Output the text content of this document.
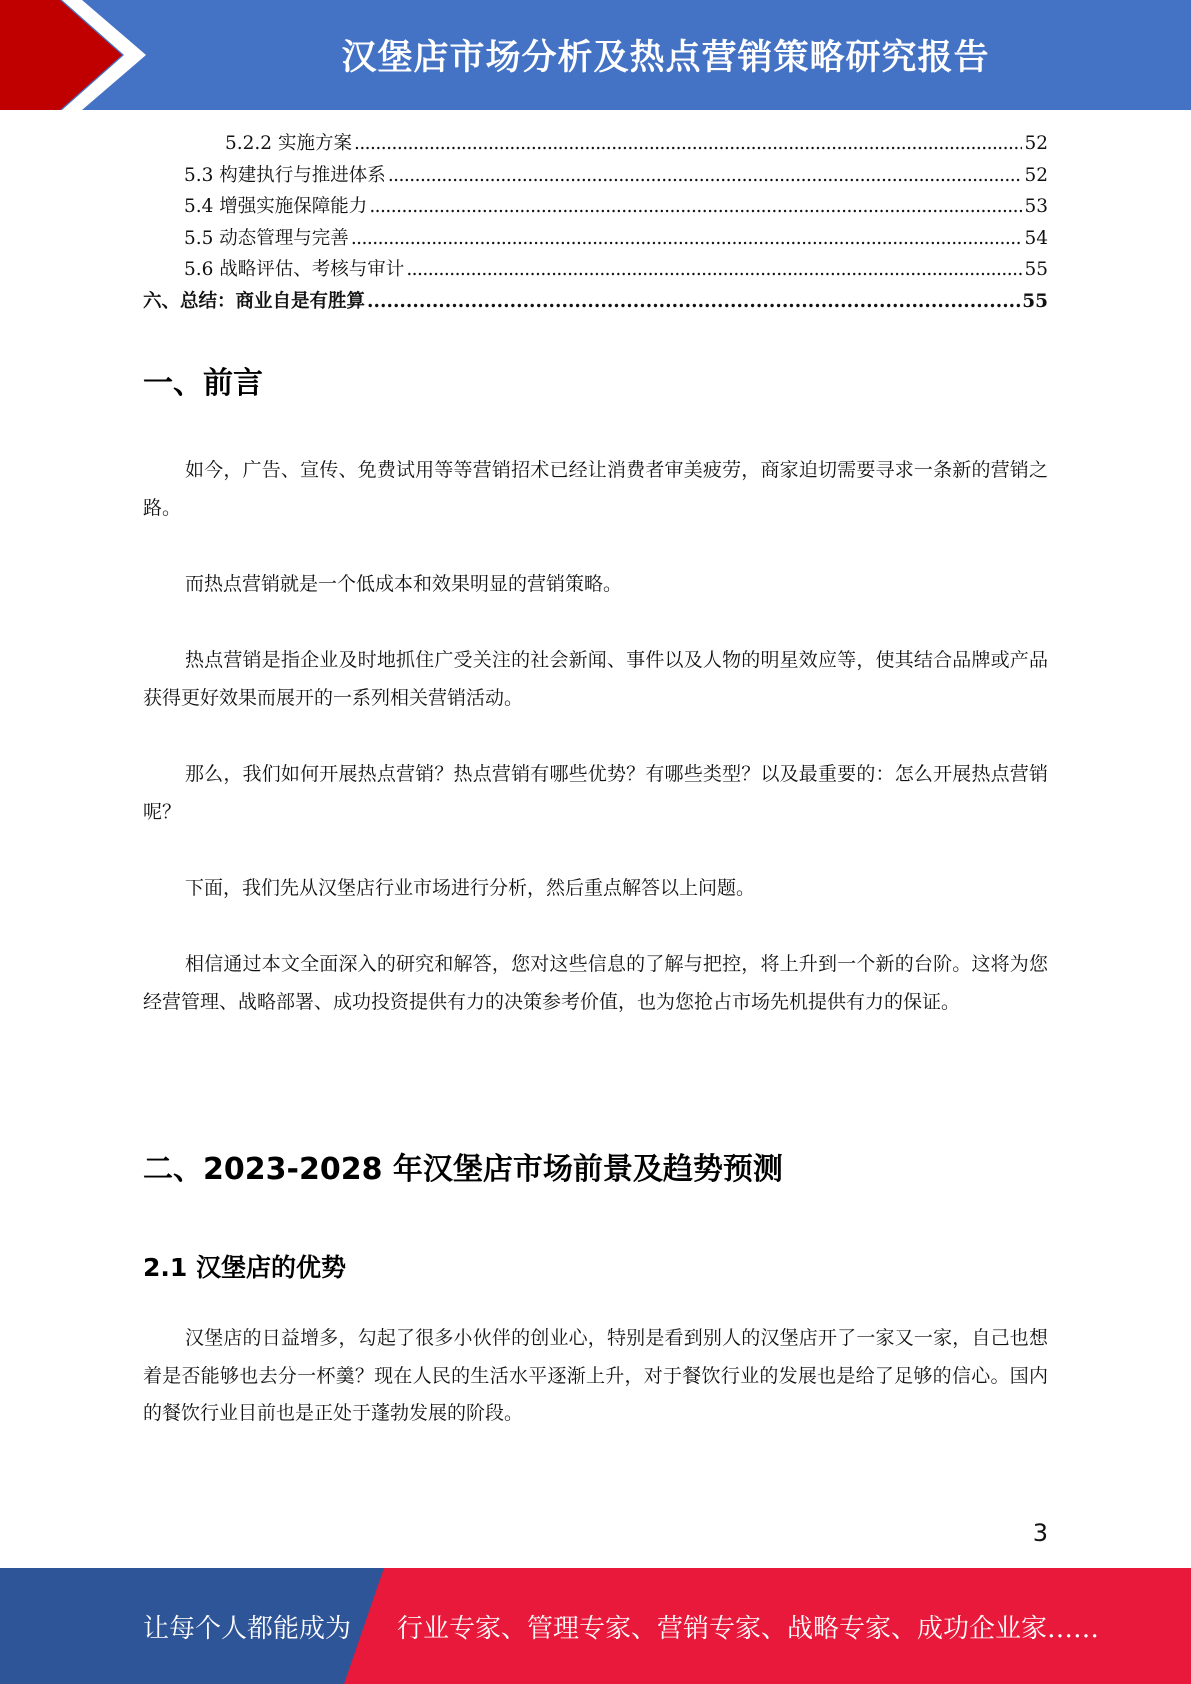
汉堡店市场分析及热点营销策略研究报告
5.2.2 实施方案 . . .	52
5.3 构建执行与推进体系 . . .	52
5.4 增强实施保障能力 . . .	53
5.5 动态管理与完善 . . .	54
5.6 战略评估、考核与审计 . . .	55
六、总结：商业自是有胜算 . . .	55
一、前言

如今，广告、宣传、免费试用等等营销招术已经让消费者审美疲劳，商家迫切需要寻求一条新的营销之路。

而热点营销就是一个低成本和效果明显的营销策略。

热点营销是指企业及时地抓住广受关注的社会新闻、事件以及人物的明星效应等，使其结合品牌或产品获得更好效果而展开的一系列相关营销活动。

那么，我们如何开展热点营销？热点营销有哪些优势？有哪些类型？以及最重要的：怎么开展热点营销呢？

下面，我们先从汉堡店行业市场进行分析，然后重点解答以上问题。

相信通过本文全面深入的研究和解答，您对这些信息的了解与把控，将上升到一个新的台阶。这将为您经营管理、战略部署、成功投资提供有力的决策参考价值，也为您抢占市场先机提供有力的保证。

二、2023-2028 年汉堡店市场前景及趋势预测
2.1 汉堡店的优势

汉堡店的日益增多，勾起了很多小伙伴的创业心，特别是看到别人的汉堡店开了一家又一家，自己也想着是否能够也去分一杯羹？现在人民的生活水平逐渐上升，对于餐饮行业的发展也是给了足够的信心。国内的餐饮行业目前也是正处于蓬勃发展的阶段。

3
让每个人都能成为 行业专家、管理专家、营销专家、战略专家、成功企业家……
